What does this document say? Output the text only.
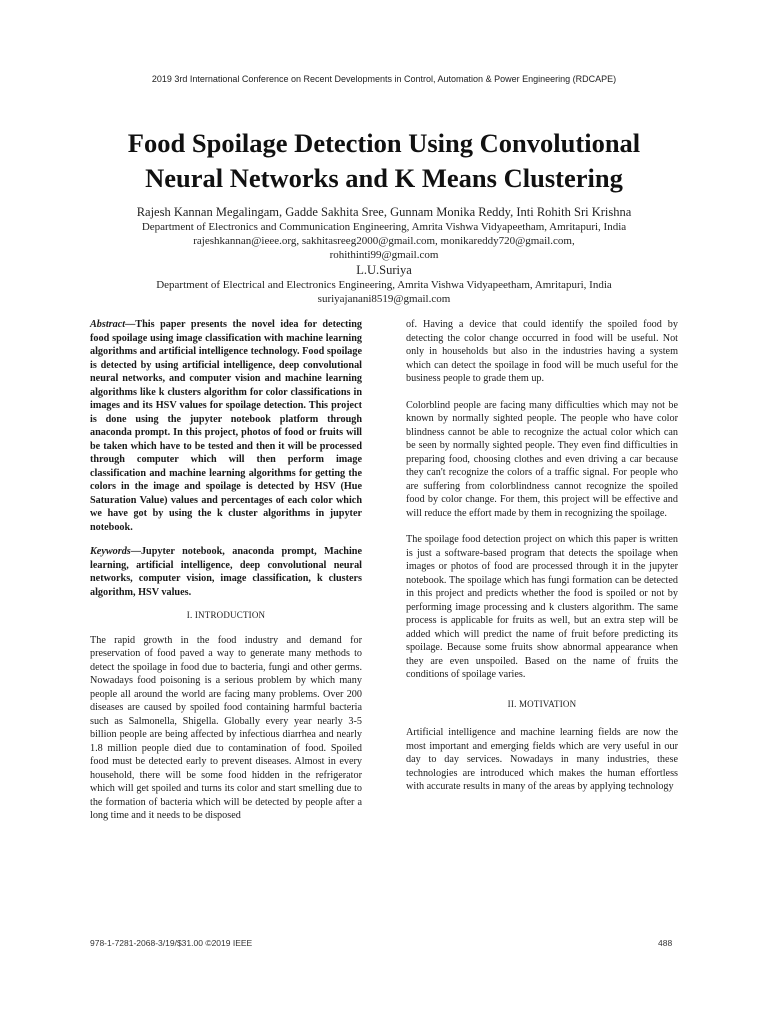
2019 3rd International Conference on Recent Developments in Control, Automation & Power Engineering (RDCAPE)
Food Spoilage Detection Using Convolutional
Neural Networks and K Means Clustering
Rajesh Kannan Megalingam, Gadde Sakhita Sree, Gunnam Monika Reddy, Inti Rohith Sri Krishna
Department of Electronics and Communication Engineering, Amrita Vishwa Vidyapeetham, Amritapuri, India
rajeshkannan@ieee.org, sakhitasreeg2000@gmail.com, monikareddy720@gmail.com,
rohithinti99@gmail.com
L.U.Suriya
Department of Electrical and Electronics Engineering, Amrita Vishwa Vidyapeetham, Amritapuri, India
suriyajanani8519@gmail.com

Abstract—This paper presents the novel idea for detecting food spoilage using image classification with machine learning algorithms and artificial intelligence technology. Food spoilage is detected by using artificial intelligence, deep convolutional neural networks, and computer vision and machine learning algorithms like k clusters algorithm for color classifications in images and its HSV values for spoilage detection. This project is done using the jupyter notebook platform through anaconda prompt. In this project, photos of food or fruits will be taken which have to be tested and then it will be processed through computer which will then perform image classification and machine learning algorithms for getting the colors in the image and spoilage is detected by HSV (Hue Saturation Value) values and percentages of each color which we have got by using the k cluster algorithms in jupyter notebook.

Keywords—Jupyter notebook, anaconda prompt, Machine learning, artificial intelligence, deep convolutional neural networks, computer vision, image classification, k clusters algorithm, HSV values.

I. INTRODUCTION

The rapid growth in the food industry and demand for preservation of food paved a way to generate many methods to detect the spoilage in food due to bacteria, fungi and other germs. Nowadays food poisoning is a serious problem by which many people all around the world are facing many problems. Over 200 diseases are caused by spoiled food containing harmful bacteria such as Salmonella, Shigella. Globally every year nearly 3-5 billion people are being affected by infectious diarrhea and nearly 1.8 million people died due to contamination of food. Spoiled food must be detected early to prevent diseases. Almost in every household, there will be some food hidden in the refrigerator which will get spoiled and turns its color and start smelling due to the formation of bacteria which will be detected by people after a long time and it needs to be disposed

of. Having a device that could identify the spoiled food by detecting the color change occurred in food will be useful. Not only in households but also in the industries having a system which can detect the spoilage in food will be much useful for the business people to grade them up.

Colorblind people are facing many difficulties which may not be known by normally sighted people. The people who have color blindness cannot be able to recognize the actual color which can be seen by normally sighted people. They even find difficulties in preparing food, choosing clothes and even driving a car because they can't recognize the colors of a traffic signal. For people who are suffering from colorblindness cannot recognize the spoiled food by color change. For them, this project will be effective and will reduce the effort made by them in recognizing the spoilage.

The spoilage food detection project on which this paper is written is just a software-based program that detects the spoilage when images or photos of food are processed through it in the jupyter notebook. The spoilage which has fungi formation can be detected in this project and predicts whether the food is spoiled or not by performing image processing and k clusters algorithm. The same process is applicable for fruits as well, but an extra step will be added which will predict the name of fruit before predicting its spoilage. Because some fruits show abnormal appearance when they are even unspoiled. Based on the name of fruits the conditions of spoilage varies.

II. MOTIVATION

Artificial intelligence and machine learning fields are now the most important and emerging fields which are very useful in our day to day services. Nowadays in many industries, these technologies are introduced which makes the human effortless with accurate results in many of the areas by applying technology

978-1-7281-2068-3/19/$31.00 ©2019 IEEE	488
